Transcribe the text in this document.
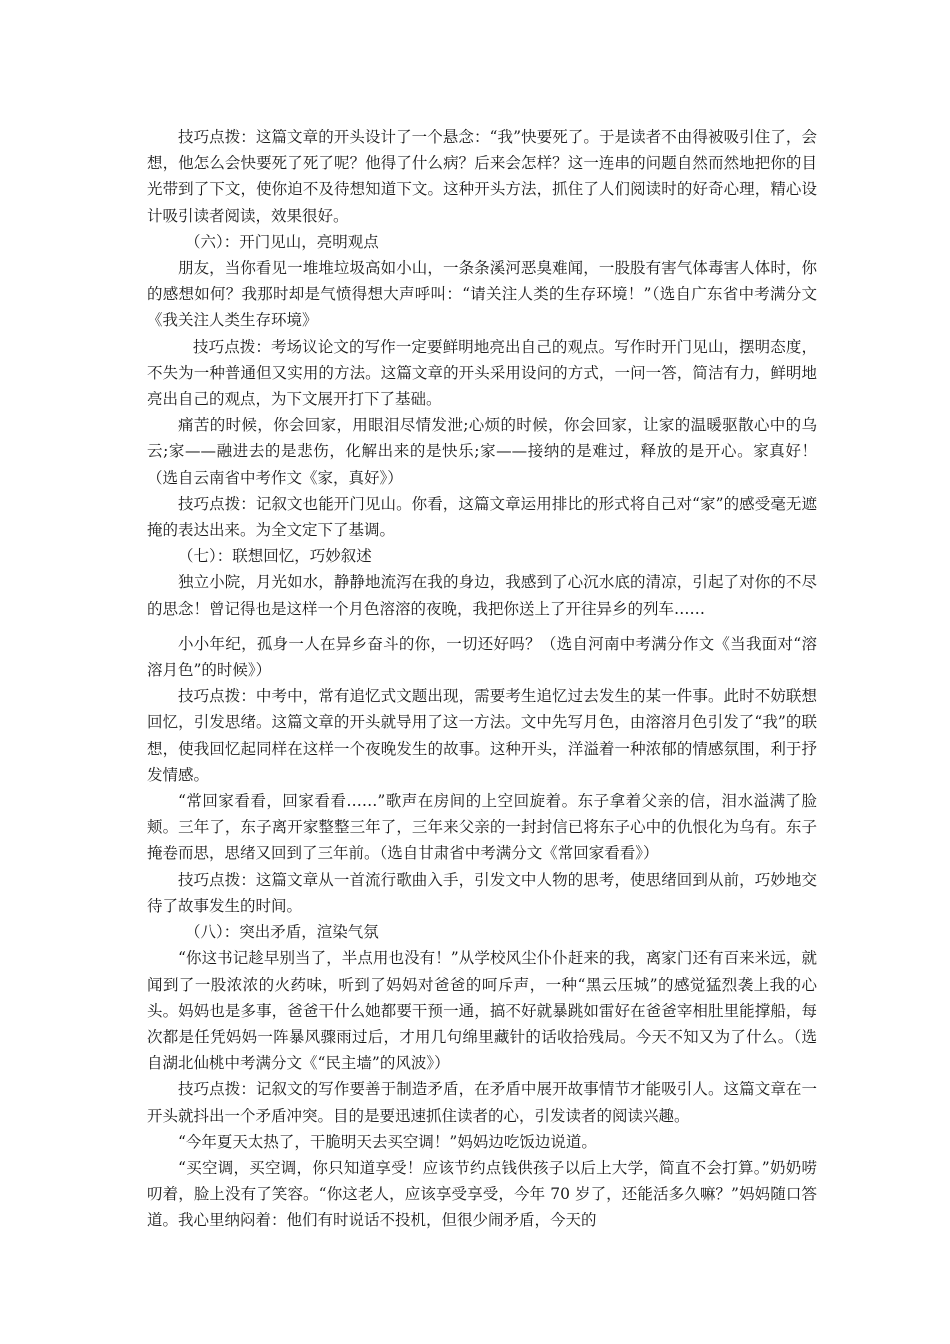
技巧点拨：这篇文章的开头设计了一个悬念：“我”快要死了。于是读者不由得被吸引住了，会想，他怎么会快要死了死了呢？他得了什么病？后来会怎样？这一连串的问题自然而然地把你的目光带到了下文，使你迫不及待想知道下文。这种开头方法，抓住了人们阅读时的好奇心理，精心设计吸引读者阅读，效果很好。

（六）：开门见山，亮明观点

朋友，当你看见一堆堆垃圾高如小山，一条条溪河恶臭难闻，一股股有害气体毒害人体时，你的感想如何？我那时却是气愤得想大声呼叫：“请关注人类的生存环境！”（选自广东省中考满分文《我关注人类生存环境》

技巧点拨：考场议论文的写作一定要鲜明地亮出自己的观点。写作时开门见山，摆明态度，不失为一种普通但又实用的方法。这篇文章的开头采用设问的方式，一问一答，简洁有力，鲜明地亮出自己的观点，为下文展开打下了基础。

痛苦的时候，你会回家，用眼泪尽情发泄;心烦的时候，你会回家，让家的温暖驱散心中的乌云;家——融进去的是悲伤，化解出来的是快乐;家——接纳的是难过，释放的是开心。家真好！（选自云南省中考作文《家，真好》）

技巧点拨：记叙文也能开门见山。你看，这篇文章运用排比的形式将自己对“家”的感受毫无遮掩的表达出来。为全文定下了基调。

（七）：联想回忆，巧妙叙述

独立小院，月光如水，静静地流泻在我的身边，我感到了心沉水底的清凉，引起了对你的不尽的思念！曾记得也是这样一个月色溶溶的夜晚，我把你送上了开往异乡的列车……

小小年纪，孤身一人在异乡奋斗的你，一切还好吗？（选自河南中考满分作文《当我面对“溶溶月色”的时候》）

技巧点拨：中考中，常有追忆式文题出现，需要考生追忆过去发生的某一件事。此时不妨联想回忆，引发思绪。这篇文章的开头就导用了这一方法。文中先写月色，由溶溶月色引发了“我”的联想，使我回忆起同样在这样一个夜晚发生的故事。这种开头，洋溢着一种浓郁的情感氛围，利于抒发情感。

“常回家看看，回家看看……”歌声在房间的上空回旋着。东子拿着父亲的信，泪水溢满了脸颊。三年了，东子离开家整整三年了，三年来父亲的一封封信已将东子心中的仇恨化为乌有。东子掩卷而思，思绪又回到了三年前。（选自甘肃省中考满分文《常回家看看》）

技巧点拨：这篇文章从一首流行歌曲入手，引发文中人物的思考，使思绪回到从前，巧妙地交待了故事发生的时间。

（八）：突出矛盾，渲染气氛

“你这书记趁早别当了，半点用也没有！”从学校风尘仆仆赶来的我，离家门还有百来米远，就闻到了一股浓浓的火药味，听到了妈妈对爸爸的呵斥声，一种“黑云压城”的感觉猛烈袭上我的心头。妈妈也是多事，爸爸干什么她都要干预一通，搞不好就暴跳如雷好在爸爸宰相肚里能撑船，每次都是任凭妈妈一阵暴风骤雨过后，才用几句绵里藏针的话收拾残局。今天不知又为了什么。（选自湖北仙桃中考满分文《“民主墙”的风波》）

技巧点拨：记叙文的写作要善于制造矛盾，在矛盾中展开故事情节才能吸引人。这篇文章在一开头就抖出一个矛盾冲突。目的是要迅速抓住读者的心，引发读者的阅读兴趣。

“今年夏天太热了，干脆明天去买空调！”妈妈边吃饭边说道。

“买空调，买空调，你只知道享受！应该节约点钱供孩子以后上大学，简直不会打算。”奶奶唠叨着，脸上没有了笑容。“你这老人，应该享受享受，今年 70 岁了，还能活多久嘛？”妈妈随口答道。我心里纳闷着：他们有时说话不投机，但很少闹矛盾，今天的
